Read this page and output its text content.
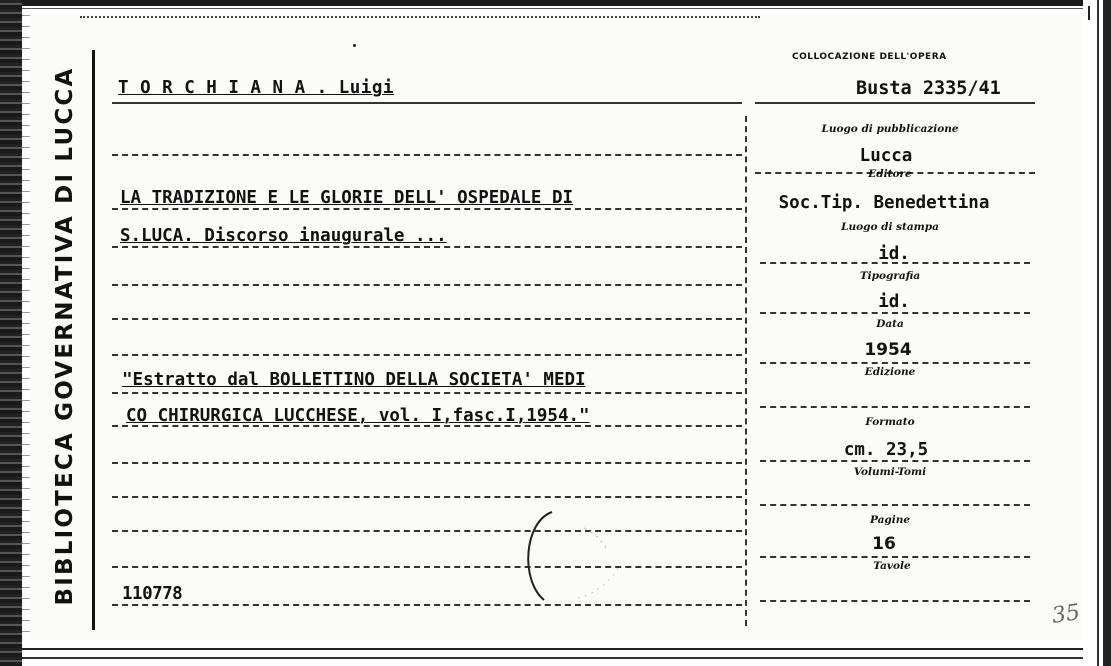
BIBLIOTECA GOVERNATIVA DI LUCCA
COLLOCAZIONE DELL'OPERA
T O R C H I A N A . Luigi	Busta 2335/41
LA TRADIZIONE E LE GLORIE DELL' OSPEDALE DI
S.LUCA. Discorso inaugurale ...
"Estratto dal BOLLETTINO DELLA SOCIETA' MEDI
CO CHIRURGICA LUCCHESE, vol. I,fasc.I,1954."
110778
Luogo di pubblicazione
Lucca
Editore
Soc.Tip. Benedettina
Luogo di stampa
id.
Tipografia
id.
Data
1954
Edizione
Formato
cm. 23,5
Volumi-Tomi
Pagine
16
Tavole
35
